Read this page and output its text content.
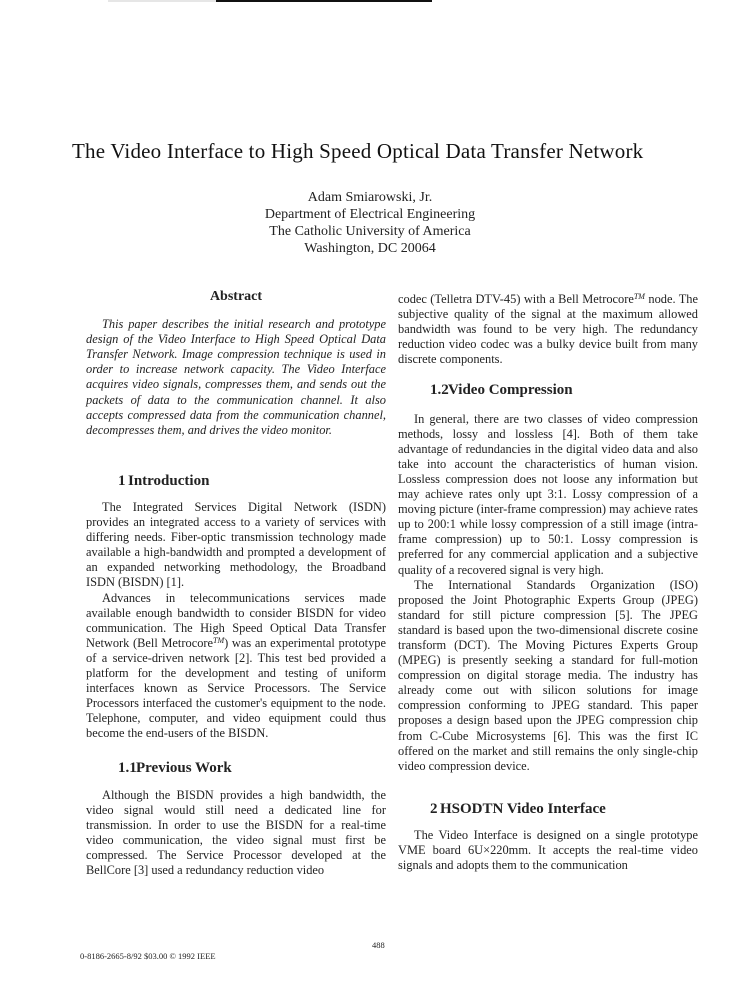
The Video Interface to High Speed Optical Data Transfer Network
Adam Smiarowski, Jr.
Department of Electrical Engineering
The Catholic University of America
Washington, DC 20064
Abstract

This paper describes the initial research and prototype design of the Video Interface to High Speed Optical Data Transfer Network. Image compression technique is used in order to increase network capacity. The Video Interface acquires video signals, compresses them, and sends out the packets of data to the communication channel. It also accepts compressed data from the communication channel, decompresses them, and drives the video monitor.

1 Introduction

The Integrated Services Digital Network (ISDN) provides an integrated access to a variety of services with differing needs. Fiber-optic transmission technology made available a high-bandwidth and prompted a development of an expanded networking methodology, the Broadband ISDN (BISDN) [1].

Advances in telecommunications services made available enough bandwidth to consider BISDN for video communication. The High Speed Optical Data Transfer Network (Bell Metrocore™) was an experimental prototype of a service-driven network [2]. This test bed provided a platform for the development and testing of uniform interfaces known as Service Processors. The Service Processors interfaced the customer's equipment to the node. Telephone, computer, and video equipment could thus become the end-users of the BISDN.

1.1Previous Work

Although the BISDN provides a high bandwidth, the video signal would still need a dedicated line for transmission. In order to use the BISDN for a real-time video communication, the video signal must first be compressed. The Service Processor developed at the BellCore [3] used a redundancy reduction video

codec (Telletra DTV-45) with a Bell Metrocore™ node. The subjective quality of the signal at the maximum allowed bandwidth was found to be very high. The redundancy reduction video codec was a bulky device built from many discrete components.

1.2Video Compression

In general, there are two classes of video compression methods, lossy and lossless [4]. Both of them take advantage of redundancies in the digital video data and also take into account the characteristics of human vision. Lossless compression does not loose any information but may achieve rates only upt 3:1. Lossy compression of a moving picture (inter-frame compression) may achieve rates up to 200:1 while lossy compression of a still image (intra-frame compression) up to 50:1. Lossy compression is preferred for any commercial application and a subjective quality of a recovered signal is very high.

The International Standards Organization (ISO) proposed the Joint Photographic Experts Group (JPEG) standard for still picture compression [5]. The JPEG standard is based upon the two-dimensional discrete cosine transform (DCT). The Moving Pictures Experts Group (MPEG) is presently seeking a standard for full-motion compression on digital storage media. The industry has already come out with silicon solutions for image compression conforming to JPEG standard. This paper proposes a design based upon the JPEG compression chip from C-Cube Microsystems [6]. This was the first IC offered on the market and still remains the only single-chip video compression device.

2 HSODTN Video Interface

The Video Interface is designed on a single prototype VME board 6U×220mm. It accepts the real-time video signals and adopts them to the communication

488
0-8186-2665-8/92 $03.00 © 1992 IEEE
